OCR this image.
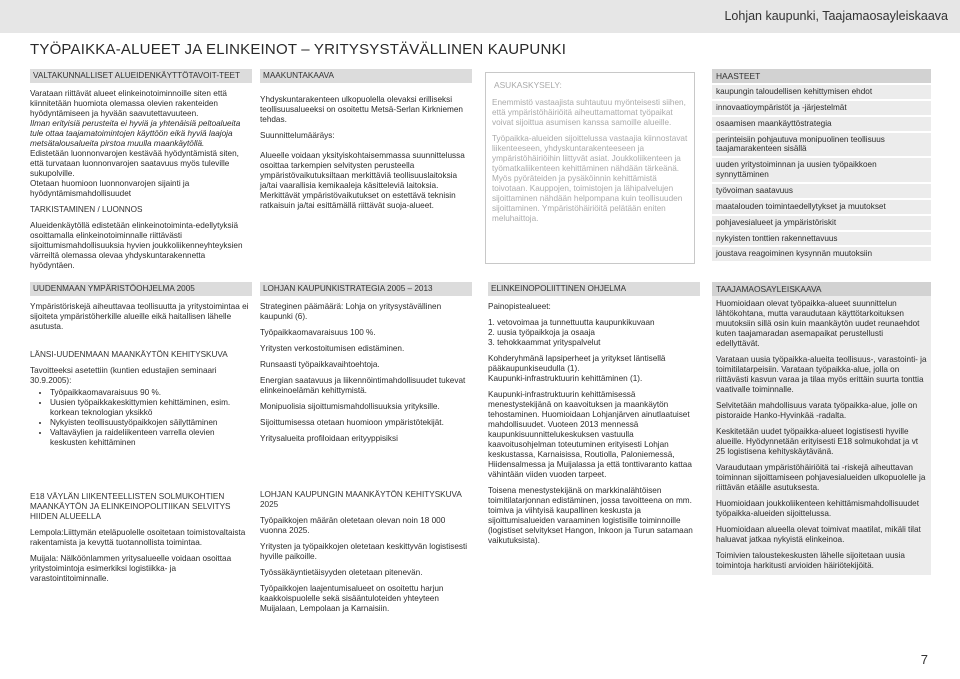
Lohjan kaupunki, Taajamaosayleiskaava
TYÖPAIKKA-ALUEET JA ELINKEINOT – YRITYSYSTÄVÄLLINEN KAUPUNKI

VALTAKUNNALLISET ALUEIDENKÄYTTÖTAVOIT-TEET

Varataan riittävät alueet elinkeinotoiminnoille siten että kiinnitetään huomiota olemassa olevien rakenteiden hyödyntämiseen ja hyvään saavutettavuuteen.

Ilman erityisiä perusteita ei hyviä ja yhtenäisiä peltoalueita tule ottaa taajamatoimintojen käyttöön eikä hyviä laajoja metsätalousalueita pirstoa muulla maankäytöllä.

Edistetään luonnonvarojen kestävää hyödyntämistä siten, että turvataan luonnonvarojen saatavuus myös tuleville sukupolville.

Otetaan huomioon luonnonvarojen sijainti ja hyödyntämismahdollisuudet

TARKISTAMINEN / LUONNOS

Alueidenkäytöllä edistetään elinkeinotoiminta-edellytyksiä osoittamalla elinkeinotoiminnalle riittävästi sijoittumismahdollisuuksia hyvien joukkoliikenneyhteyksien värreiltä olemassa olevaa yhdyskuntarakennetta hyödyntäen.

MAAKUNTAKAAVA

Yhdyskuntarakenteen ulkopuolella olevaksi erilliseksi teollisuusalueeksi on osoitettu Metsä-Serlan Kirkniemen tehdas.

Suunnittelumääräys:

Alueelle voidaan yksityiskohtaisemmassa suunnittelussa osoittaa tarkempien selvitysten perusteella ympäristövaikutuksiltaan merkittäviä teollisuuslaitoksia ja/tai vaarallisia kemikaaleja käsitteleviä laitoksia. Merkittävät ympäristövaikutukset on estettävä teknisin ratkaisuin ja/tai esittämällä riittävät suoja-alueet.

ASUKASKYSELY:

Enemmistö vastaajista suhtautuu myönteisesti siihen, että ympäristöhäiriöitä aiheuttamattomat työpaikat voivat sijoittua asumisen kanssa samoille alueille.

Työpaikka-alueiden sijoittelussa vastaajia kiinnostavat liikenteeseen, yhdyskuntarakenteeseen ja ympäristöhäiriöihin liittyvät asiat. Joukkoliikenteen ja työmatkaliikenteen kehittäminen nähdään tärkeänä. Myös pyöräteiden ja pysäköinnin kehittämistä toivotaan. Kauppojen, toimistojen ja lähipalvelujen sijoittaminen nähdään helpompana kuin teollisuuden sijoittaminen. Ympäristöhäiriöitä pelätään eniten meluhaittoja.

HAASTEET
kaupungin taloudellisen kehittymisen ehdot
innovaatioympäristöt ja -järjestelmät
osaamisen maankäyttöstrategia
perinteisiin pohjautuva monipuolinen teollisuus taajamarakenteen sisällä
uuden yritystoiminnan ja uusien työpaikkoen synnyttäminen
työvoiman saatavuus
maatalouden toimintaedellytykset ja muutokset
pohjavesialueet ja ympäristöriskit
nykyisten tonttien rakennettavuus
joustava reagoiminen kysynnän muutoksiin

UUDENMAAN YMPÄRISTÖOHJELMA 2005

Ympäristöriskejä aiheuttavaa teollisuutta ja yritystoimintaa ei sijoiteta ympäristöherkille alueille eikä haitallisen lähelle asutusta.

LÄNSI-UUDENMAAN MAANKÄYTÖN KEHITYSKUVA

Tavoitteeksi asetettiin (kuntien edustajien seminaari 30.9.2005):

• Työpaikkaomavaraisuus 90 %.
• Uusien työpaikkakeskittymien kehittäminen, esim. korkean teknologian yksikkö
• Nykyisten teollisuustyöpaikkojen säilyttäminen
• Valtaväylien ja raideliikenteen varrella olevien keskusten kehittäminen

E18 VÄYLÄN LIIKENTEELLISTEN SOLMUKOHTIEN MAANKÄYTÖN JA ELINKEINOPOLITIIKAN SELVITYS HIIDEN ALUEELLA

Lempola:Liittymän eteläpuolelle osoitetaan toimistovaltaista rakentamista ja kevyttä tuotannollista toimintaa.

Muijala: Nälköönlammen yritysalueelle voidaan osoittaa yritystoimintoja esimerkiksi logistiikka- ja varastointitoiminnalle.

LOHJAN KAUPUNKISTRATEGIA 2005 – 2013

Strateginen päämäärä: Lohja on yritysystävällinen kaupunki (6).

Työpaikkaomavaraisuus 100 %.

Yritysten verkostoitumisen edistäminen.

Runsaasti työpaikkavaihtoehtoja.

Energian saatavuus ja liikennöintimahdollisuudet tukevat elinkeinoelämän kehittymistä.

Monipuolisia sijoittumismahdollisuuksia yrityksille.

Sijoittumisessa otetaan huomioon ympäristötekijät.

Yritysalueita profiloidaan erityyppisiksi

LOHJAN KAUPUNGIN MAANKÄYTÖN KEHITYSKUVA 2025

Työpaikkojen määrän oletetaan olevan noin 18 000 vuonna 2025.

Yritysten ja työpaikkojen oletetaan keskittyvän logistisesti hyville paikoille.

Työssäkäyntietäisyyden oletetaan pitenevän.

Työpaikkojen laajentumisalueet on osoitettu harjun kaakkoispuolelle sekä sisääntuloteiden yhteyteen Muijalaan, Lempolaan ja Karnaisiin.

ELINKEINOPOLIITTINEN OHJELMA

Painopistealueet:

1. vetovoimaa ja tunnettuutta kaupunkikuvaan

2. uusia työpaikkoja ja osaaja

3. tehokkaammat yrityspalvelut

Kohderyhmänä lapsiperheet ja yritykset läntisellä pääkaupunkiseudulla (1).

Kaupunki-infrastruktuurin kehittäminen (1).

Kaupunki-infrastruktuurin kehittämisessä menestystekijänä on kaavoituksen ja maankäytön tehostaminen. Huomioidaan Lohjanjärven ainutlaatuiset mahdollisuudet. Vuoteen 2013 mennessä kaupunkisuunnittelukeskuksen vastuulla kaavoitusohjelman toteutuminen erityisesti Lohjan keskustassa, Karnaisissa, Routiolla, Paloniemessä, Hiidensalmessa ja Muijalassa ja että tonttivaranto kattaa vähintään viiden vuoden tarpeet.

Toisena menestystekijänä on markkinalähtöisen toimitilatarjonnan edistäminen, jossa tavoitteena on mm. toimiva ja viihtyisä kaupallinen keskusta ja sijoittumisalueiden varaaminen logistisille toiminnoille (logistiset selvitykset Hangon, Inkoon ja Turun satamaan vaikutuksista).

TAAJAMAOSAYLEISKAAVA

Huomioidaan olevat työpaikka-alueet suunnittelun lähtökohtana, mutta varaudutaan käyttötarkoituksen muutoksiin sillä osin kuin maankäytön uudet reunaehdot kuten taajamaradan asemapaikat perustellusti edellyttävät.

Varataan uusia työpaikka-alueita teollisuus-, varastointi- ja toimitilatarpeisiin. Varataan työpaikka-alue, jolla on riittävästi kasvun varaa ja tilaa myös erittäin suurta tonttia vaativalle toiminnalle.

Selvitetään mahdollisuus varata työpaikka-alue, jolle on pistoraide Hanko-Hyvinkää -radalta.

Keskitetään uudet työpaikka-alueet logistisesti hyville alueille. Hyödynnetään erityisesti E18 solmukohdat ja vt 25 logistisena kehityskäytävänä.

Varaudutaan ympäristöhäiriöitä tai -riskejä aiheuttavan toiminnan sijoittamiseen pohjavesialueiden ulkopuolelle ja riittävän etäälle asutuksesta.

Huomioidaan joukkoliikenteen kehittämismahdollisuudet työpaikka-alueiden sijoittelussa.

Huomioidaan alueella olevat toimivat maatilat, mikäli tilat haluavat jatkaa nykyistä elinkeinoa.

Toimivien taloustekeskusten lähelle sijoitetaan uusia toimintoja harkitusti arvioiden häiriötekijöitä.

7
